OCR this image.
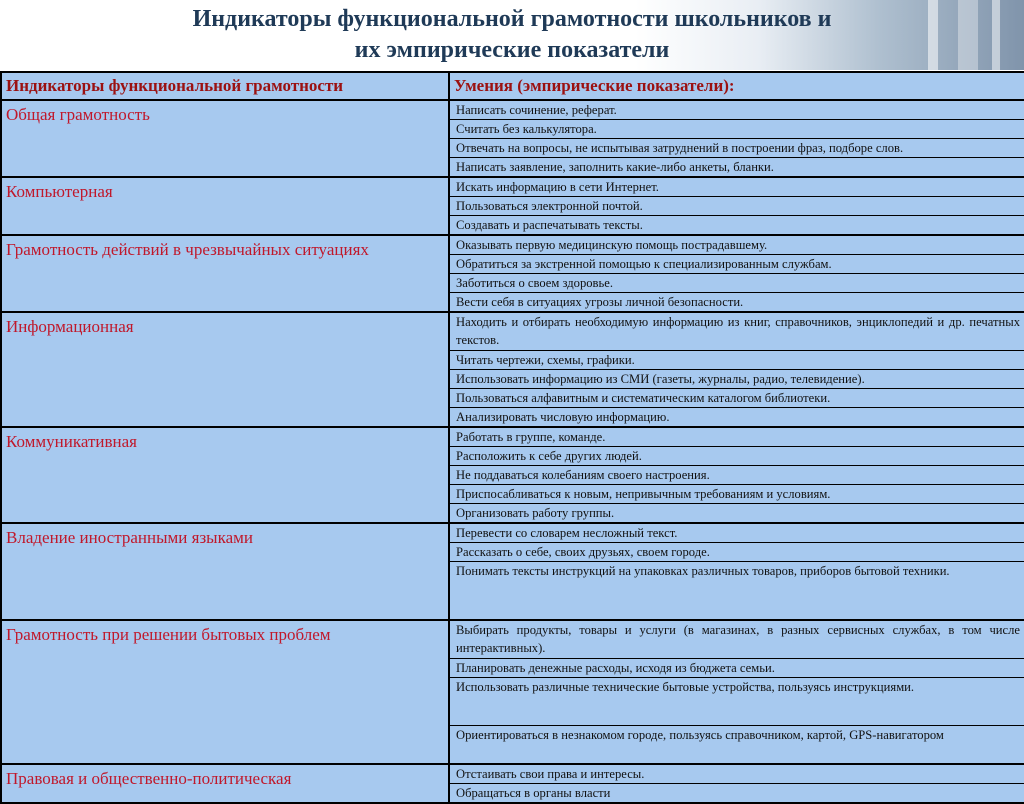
Индикаторы функциональной грамотности школьников и
их эмпирические показатели
Индикаторы функциональной грамотности	Умения (эмпирические показатели):
Общая грамотность	Написать сочинение, реферат.
	Считать без калькулятора.
	Отвечать на вопросы, не испытывая затруднений в построении фраз, подборе слов.
	Написать заявление, заполнить какие-либо анкеты, бланки.
Компьютерная	Искать информацию в сети Интернет.
	Пользоваться электронной почтой.
	Создавать и распечатывать тексты.
Грамотность действий в чрезвычайных ситуациях	Оказывать первую медицинскую помощь пострадавшему.
	Обратиться за экстренной помощью к специализированным службам.
	Заботиться о своем здоровье.
	Вести себя в ситуациях угрозы личной безопасности.
Информационная	Находить и отбирать необходимую информацию из книг, справочников, энциклопедий и др. печатных текстов.
	Читать чертежи, схемы, графики.
	Использовать информацию из СМИ (газеты, журналы, радио, телевидение).
	Пользоваться алфавитным и систематическим каталогом библиотеки.
	Анализировать числовую информацию.
Коммуникативная	Работать в группе, команде.
	Расположить к себе других людей.
	Не поддаваться колебаниям своего настроения.
	Приспосабливаться к новым, непривычным требованиям и условиям.
	Организовать работу группы.
Владение иностранными языками	Перевести со словарем несложный текст.
	Рассказать о себе, своих друзьях, своем городе.
	Понимать тексты инструкций на упаковках различных товаров, приборов бытовой техники.
Грамотность при решении бытовых проблем	Выбирать продукты, товары и услуги (в магазинах, в разных сервисных службах, в том числе интерактивных).
	Планировать денежные расходы, исходя из бюджета семьи.
	Использовать различные технические бытовые устройства, пользуясь инструкциями.
	Ориентироваться в незнакомом городе, пользуясь справочником, картой, GPS-навигатором
Правовая и общественно-политическая	Отстаивать свои права и интересы.
	Обращаться в органы власти
